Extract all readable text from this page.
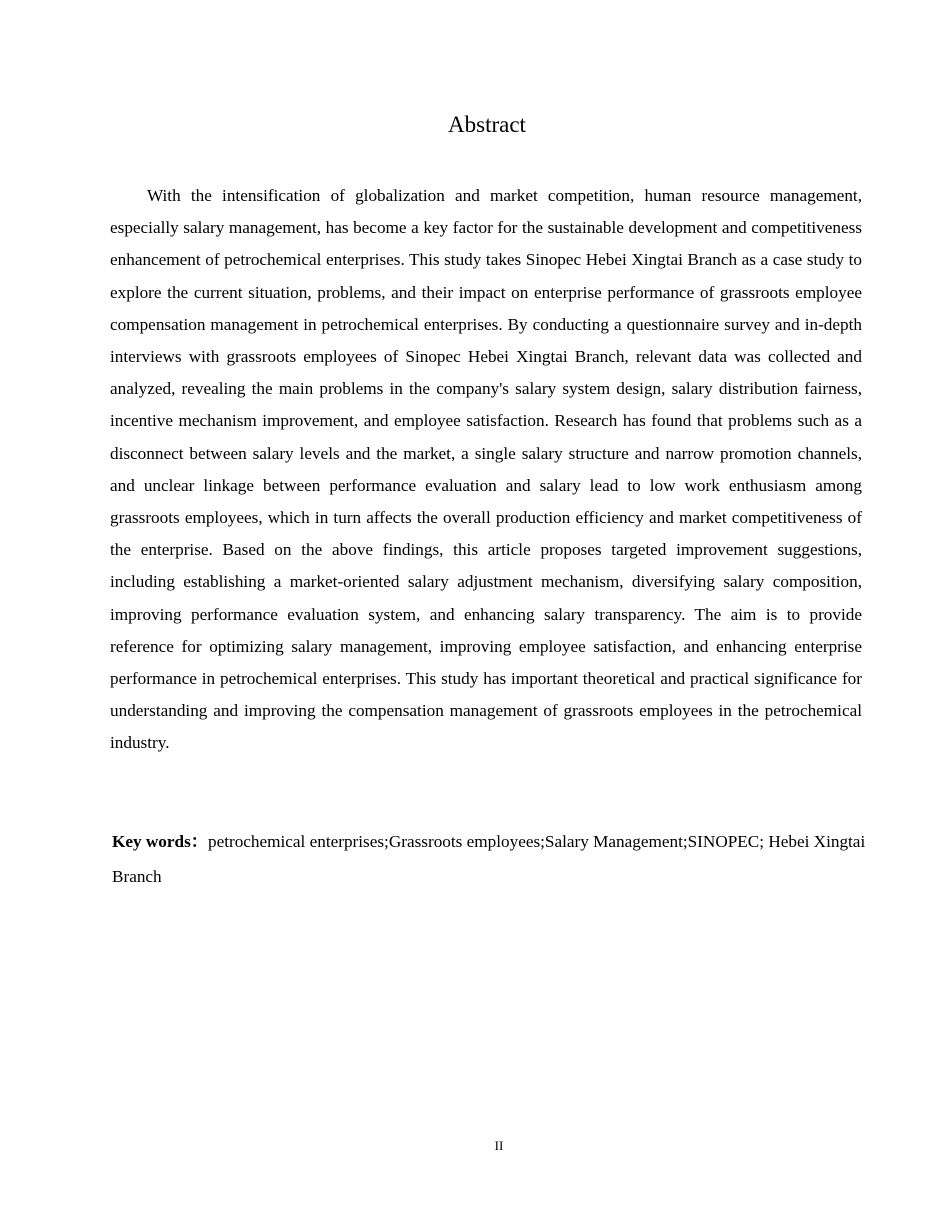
Abstract

With the intensification of globalization and market competition, human resource management, especially salary management, has become a key factor for the sustainable development and competitiveness enhancement of petrochemical enterprises. This study takes Sinopec Hebei Xingtai Branch as a case study to explore the current situation, problems, and their impact on enterprise performance of grassroots employee compensation management in petrochemical enterprises. By conducting a questionnaire survey and in-depth interviews with grassroots employees of Sinopec Hebei Xingtai Branch, relevant data was collected and analyzed, revealing the main problems in the company's salary system design, salary distribution fairness, incentive mechanism improvement, and employee satisfaction. Research has found that problems such as a disconnect between salary levels and the market, a single salary structure and narrow promotion channels, and unclear linkage between performance evaluation and salary lead to low work enthusiasm among grassroots employees, which in turn affects the overall production efficiency and market competitiveness of the enterprise. Based on the above findings, this article proposes targeted improvement suggestions, including establishing a market-oriented salary adjustment mechanism, diversifying salary composition, improving performance evaluation system, and enhancing salary transparency. The aim is to provide reference for optimizing salary management, improving employee satisfaction, and enhancing enterprise performance in petrochemical enterprises. This study has important theoretical and practical significance for understanding and improving the compensation management of grassroots employees in the petrochemical industry.

Key words：petrochemical enterprises;Grassroots employees;Salary Management;SINOPEC; Hebei Xingtai Branch

II
